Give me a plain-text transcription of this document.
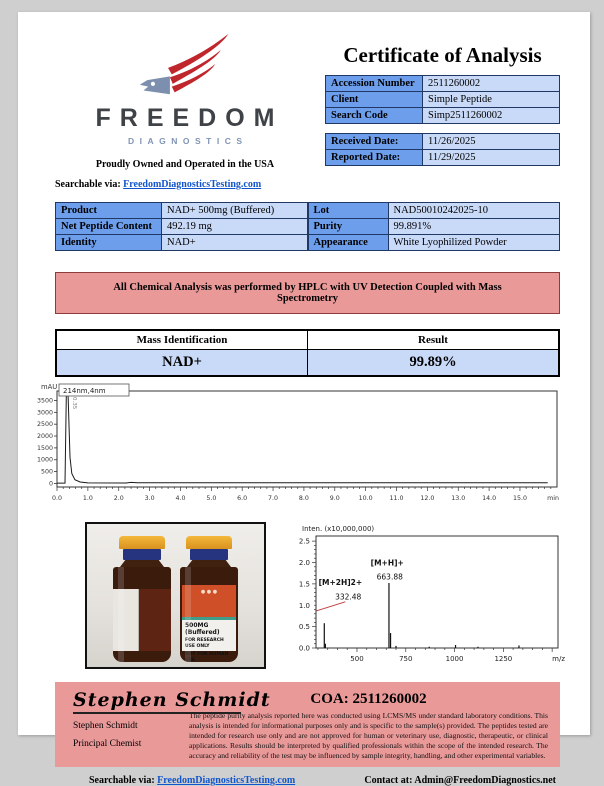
FREEDOM
DIAGNOSTICS
Proudly Owned and Operated in the USA
Searchable via: FreedomDiagnosticsTesting.com
Certificate of Analysis
Accession Number	2511260002
Client	Simple Peptide
Search Code	Simp2511260002
Received Date:	11/26/2025
Reported Date:	11/29/2025
Product	NAD+ 500mg (Buffered)
Net Peptide Content	492.19 mg
Identity	NAD+
Lot	NAD50010242025-10
Purity	99.891%
Appearance	White Lyophilized Powder
All Chemical Analysis was performed by HPLC with UV Detection Coupled with Mass Spectrometry
Mass Identification	Result
NAD+	99.89%
0
500
1000
1500
2000
2500
3000
3500
0.0	1.0	2.0	3.0	4.0	5.0	6.0	7.0	8.0	9.0	10.0	11.0	12.0	13.0	14.0	15.0	min
214nm,4nm
mAU
0.35
● ● ●
500MG (Buffered)
FOR RESEARCH USE ONLY
NOT FOR HUMAN USE
Inten. (x10,000,000)
0.0
0.5
1.0
1.5
2.0
2.5
500	750	1000	1250	m/z
[M+2H]2+
332.48
[M+H]+
663.88
Stephen Schmidt
Stephen Schmidt
Principal Chemist
COA: 2511260002
The peptide purity analysis reported here was conducted using LCMS/MS under standard laboratory conditions. This analysis is intended for informational purposes only and is specific to the sample(s) provided. The peptides tested are intended for research use only and are not approved for human or veterinary use, diagnostic, therapeutic, or clinical applications. Results should be interpreted by qualified professionals within the scope of the intended research. The accuracy and reliability of the test may be influenced by sample integrity, handling, and other experimental variables.
Searchable via: FreedomDiagnosticsTesting.com	Contact at: Admin@FreedomDiagnostics.net
